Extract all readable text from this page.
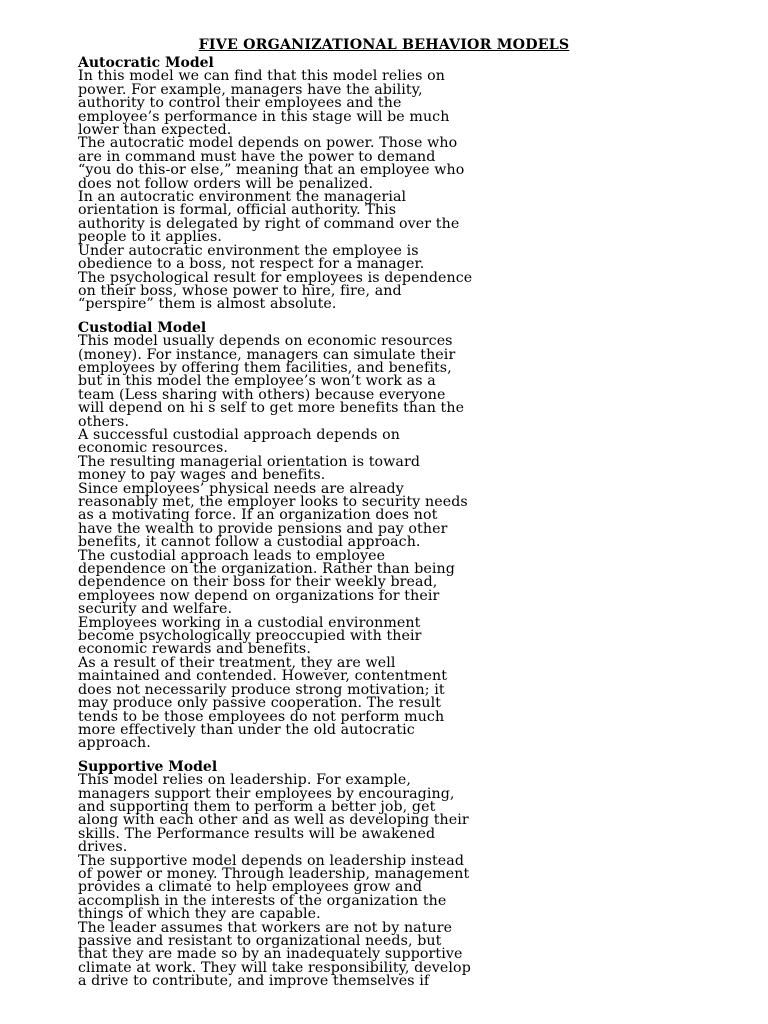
FIVE ORGANIZATIONAL BEHAVIOR MODELS
Autocratic Model
In this model we can find that this model relies on
power. For example, managers have the ability,
authority to control their employees and the
employee’s performance in this stage will be much
lower than expected.
The autocratic model depends on power. Those who
are in command must have the power to demand
“you do this-or else,” meaning that an employee who
does not follow orders will be penalized.
In an autocratic environment the managerial
orientation is formal, official authority. This
authority is delegated by right of command over the
people to it applies.
Under autocratic environment the employee is
obedience to a boss, not respect for a manager.
The psychological result for employees is dependence
on their boss, whose power to hire, fire, and
“perspire” them is almost absolute.
Custodial Model
This model usually depends on economic resources
(money). For instance, managers can simulate their
employees by offering them facilities, and benefits,
but in this model the employee’s won’t work as a
team (Less sharing with others) because everyone
will depend on hi s self to get more benefits than the
others.
A successful custodial approach depends on
economic resources.
The resulting managerial orientation is toward
money to pay wages and benefits.
Since employees’ physical needs are already
reasonably met, the employer looks to security needs
as a motivating force. If an organization does not
have the wealth to provide pensions and pay other
benefits, it cannot follow a custodial approach.
The custodial approach leads to employee
dependence on the organization. Rather than being
dependence on their boss for their weekly bread,
employees now depend on organizations for their
security and welfare.
Employees working in a custodial environment
become psychologically preoccupied with their
economic rewards and benefits.
As a result of their treatment, they are well
maintained and contended. However, contentment
does not necessarily produce strong motivation; it
may produce only passive cooperation. The result
tends to be those employees do not perform much
more effectively than under the old autocratic
approach.
Supportive Model
This model relies on leadership. For example,
managers support their employees by encouraging,
and supporting them to perform a better job, get
along with each other and as well as developing their
skills. The Performance results will be awakened
drives.
The supportive model depends on leadership instead
of power or money. Through leadership, management
provides a climate to help employees grow and
accomplish in the interests of the organization the
things of which they are capable.
The leader assumes that workers are not by nature
passive and resistant to organizational needs, but
that they are made so by an inadequately supportive
climate at work. They will take responsibility, develop
a drive to contribute, and improve themselves if
